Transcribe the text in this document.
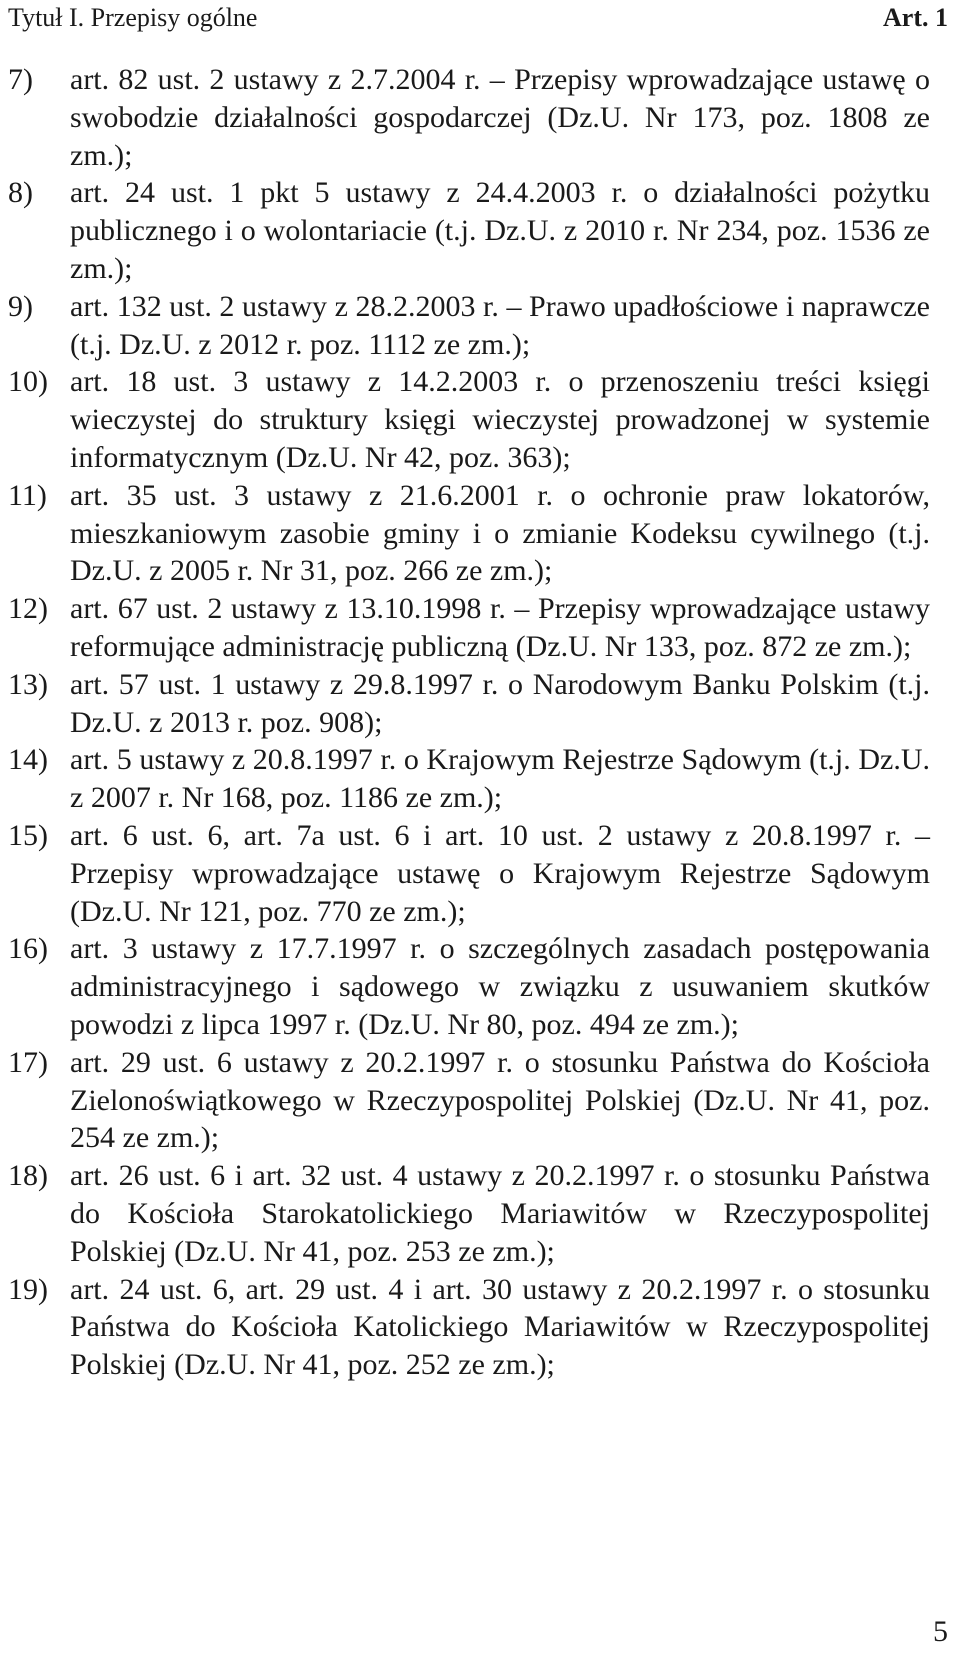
Tytuł I. Przepisy ogólne	Art. 1
7)	art. 82 ust. 2 ustawy z 2.7.2004 r. – Przepisy wprowadzające ustawę o swobodzie działalności gospodarczej (Dz.U. Nr 173, poz. 1808 ze zm.);
8)	art. 24 ust. 1 pkt 5 ustawy z 24.4.2003 r. o działalności pożytku publicznego i o wolontariacie (t.j. Dz.U. z 2010 r. Nr 234, poz. 1536 ze zm.);
9)	art. 132 ust. 2 ustawy z 28.2.2003 r. – Prawo upadłościowe i naprawcze (t.j. Dz.U. z 2012 r. poz. 1112 ze zm.);
10) art. 18 ust. 3 ustawy z 14.2.2003 r. o przenoszeniu treści księgi wieczystej do struktury księgi wieczystej prowadzonej w systemie informatycznym (Dz.U. Nr 42, poz. 363);
11) art. 35 ust. 3 ustawy z 21.6.2001 r. o ochronie praw lokatorów, mieszkaniowym zasobie gminy i o zmianie Kodeksu cywilnego (t.j. Dz.U. z 2005 r. Nr 31, poz. 266 ze zm.);
12) art. 67 ust. 2 ustawy z 13.10.1998 r. – Przepisy wprowadzające ustawy reformujące administrację publiczną (Dz.U. Nr 133, poz. 872 ze zm.);
13) art. 57 ust. 1 ustawy z 29.8.1997 r. o Narodowym Banku Polskim (t.j. Dz.U. z 2013 r. poz. 908);
14) art. 5 ustawy z 20.8.1997 r. o Krajowym Rejestrze Sądowym (t.j. Dz.U. z 2007 r. Nr 168, poz. 1186 ze zm.);
15) art. 6 ust. 6, art. 7a ust. 6 i art. 10 ust. 2 ustawy z 20.8.1997 r. – Przepisy wprowadzające ustawę o Krajowym Rejestrze Sądowym (Dz.U. Nr 121, poz. 770 ze zm.);
16) art. 3 ustawy z 17.7.1997 r. o szczególnych zasadach postępowania administracyjnego i sądowego w związku z usuwaniem skutków powodzi z lipca 1997 r. (Dz.U. Nr 80, poz. 494 ze zm.);
17) art. 29 ust. 6 ustawy z 20.2.1997 r. o stosunku Państwa do Kościoła Zielonoświątkowego w Rzeczypospolitej Polskiej (Dz.U. Nr 41, poz. 254 ze zm.);
18) art. 26 ust. 6 i art. 32 ust. 4 ustawy z 20.2.1997 r. o stosunku Państwa do Kościoła Starokatolickiego Mariawitów w Rzeczypospolitej Polskiej (Dz.U. Nr 41, poz. 253 ze zm.);
19) art. 24 ust. 6, art. 29 ust. 4 i art. 30 ustawy z 20.2.1997 r. o stosunku Państwa do Kościoła Katolickiego Mariawitów w Rzeczypospolitej Polskiej (Dz.U. Nr 41, poz. 252 ze zm.);
5
